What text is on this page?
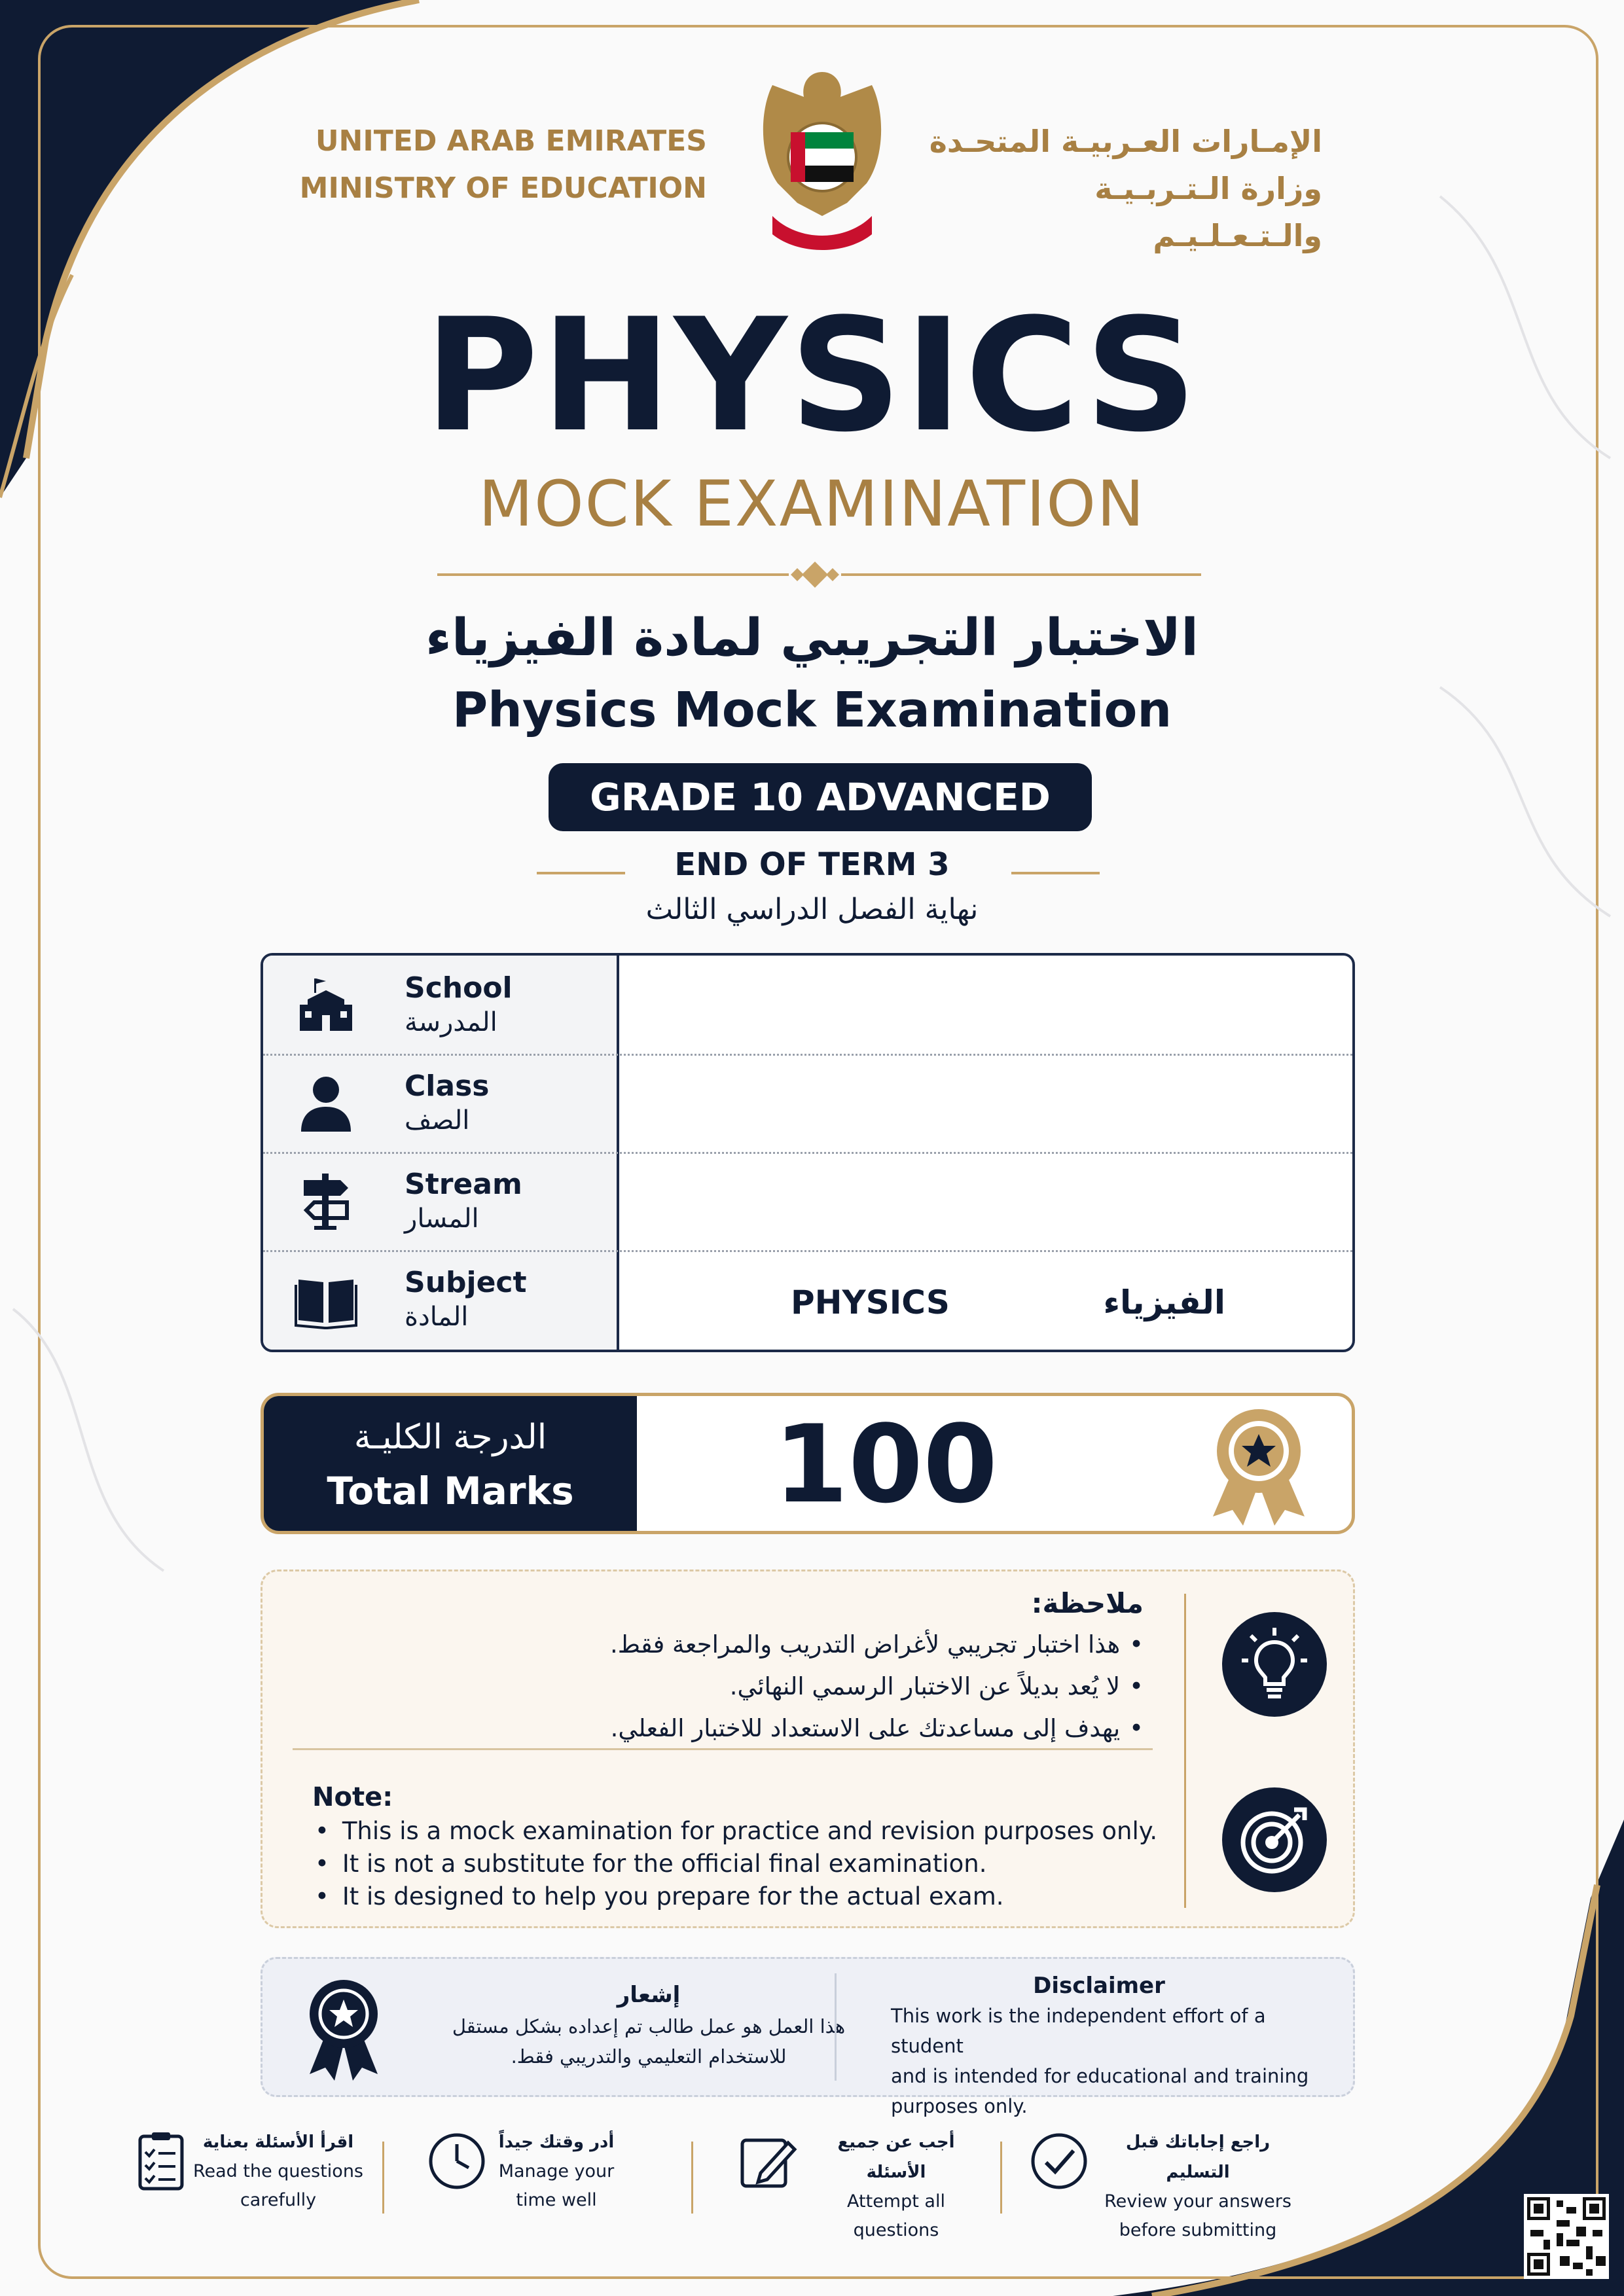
UNITED ARAB EMIRATES
MINISTRY OF EDUCATION
الإمـارات العـربيـة المتحـدة
وزارة الـتـربـيـة والـتـعـلـيـم
PHYSICS
MOCK EXAMINATION
الاختبار التجريبي لمادة الفيزياء
Physics Mock Examination
GRADE 10 ADVANCED
END OF TERM 3
نهاية الفصل الدراسي الثالث
School
المدرسة
Class
الصف
Stream
المسار
Subject
المادة	PHYSICS	الفيزياء
الدرجة الكليـة
Total Marks	100
ملاحظة:
• هذا اختبار تجريبي لأغراض التدريب والمراجعة فقط.
• لا يُعد بديلاً عن الاختبار الرسمي النهائي.
• يهدف إلى مساعدتك على الاستعداد للاختبار الفعلي.
Note:
• This is a mock examination for practice and revision purposes only.
• It is not a substitute for the official final examination.
• It is designed to help you prepare for the actual exam.
إشعار
هذا العمل هو عمل طالب تم إعداده بشكل مستقل
للاستخدام التعليمي والتدريبي فقط.
Disclaimer
This work is the independent effort of a student
and is intended for educational and training
purposes only.
اقرأ الأسئلة بعناية
Read the questions
carefully
أدر وقتك جيداً
Manage your
time well
أجب عن جميع الأسئلة
Attempt all
questions
راجع إجاباتك قبل التسليم
Review your answers
before submitting
